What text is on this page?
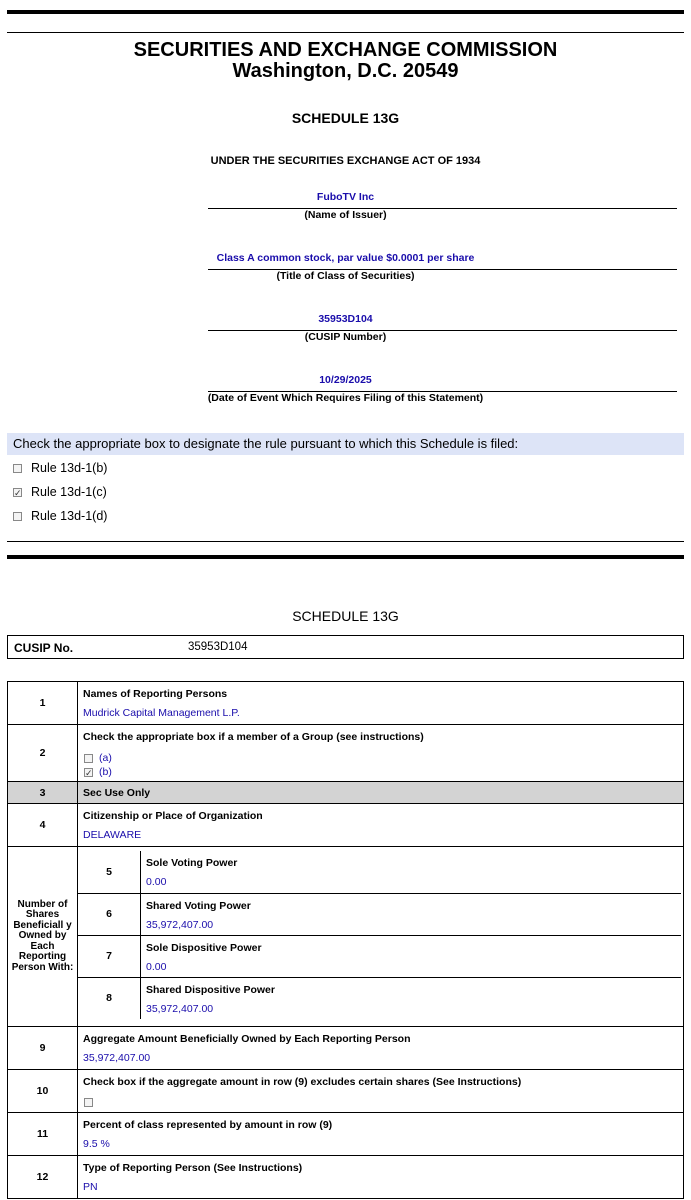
SECURITIES AND EXCHANGE COMMISSION
Washington, D.C. 20549
SCHEDULE 13G
UNDER THE SECURITIES EXCHANGE ACT OF 1934
FuboTV Inc
(Name of Issuer)
Class A common stock, par value $0.0001 per share
(Title of Class of Securities)
35953D104
(CUSIP Number)
10/29/2025
(Date of Event Which Requires Filing of this Statement)
Check the appropriate box to designate the rule pursuant to which this Schedule is filed:
Rule 13d-1(b)
✓ Rule 13d-1(c)
Rule 13d-1(d)
SCHEDULE 13G
CUSIP No.	35953D104
1	
Names of Reporting Persons
Mudrick Capital Management L.P.

2	
Check the appropriate box if a member of a Group (see instructions)
(a)
✓ (b)

3	Sec Use Only

4	
Citizenship or Place of Organization
DELAWARE

Number of Shares Beneficiall y Owned by Each Reporting Person With:	
5	
Sole Voting Power
0.00

6	
Shared Voting Power
35,972,407.00

7	
Sole Dispositive Power
0.00

8	
Shared Dispositive Power
35,972,407.00

9	
Aggregate Amount Beneficially Owned by Each Reporting Person
35,972,407.00

10	
Check box if the aggregate amount in row (9) excludes certain shares (See Instructions)

11	
Percent of class represented by amount in row (9)
9.5 %

12	
Type of Reporting Person (See Instructions)
PN
